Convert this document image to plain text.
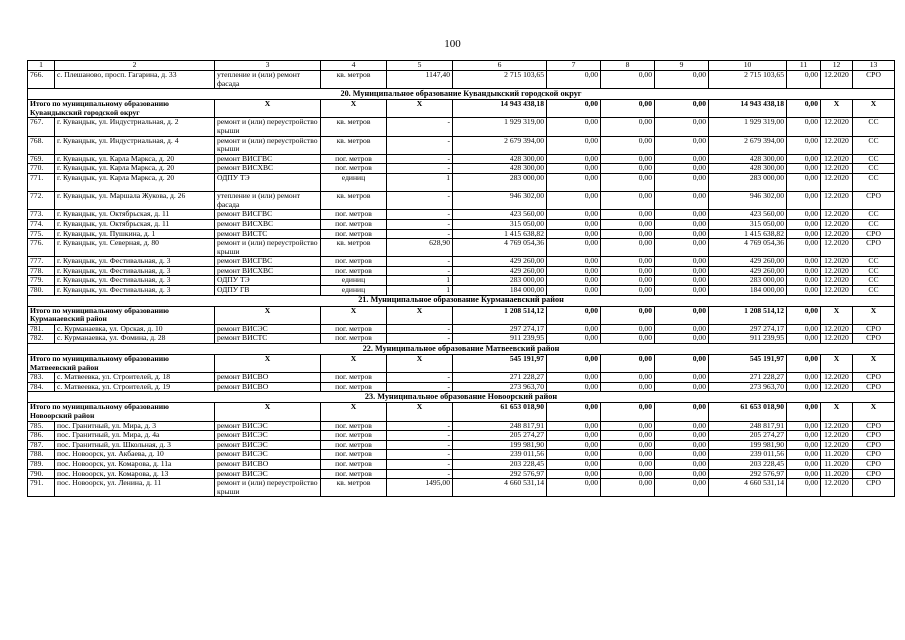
100
1	2	3	4	5	6	7	8	9	10	11	12	13
766.	с. Плешаново, просп. Гагарина, д. 33	утепление и (или) ремонт фасада	кв. метров	1147,40	2 715 103,65	0,00	0,00	0,00	2 715 103,65	0,00	12.2020	СРО
20. Муниципальное образование Кувандыкский городской округ												
Итого по муниципальному образованию Кувандыкский городской округ		X	X	X	14 943 438,18	0,00	0,00	0,00	14 943 438,18	0,00	X	X
767.	г. Кувандык, ул. Индустриальная, д. 2	ремонт и (или) переустройство крыши	кв. метров	-	1 929 319,00	0,00	0,00	0,00	1 929 319,00	0,00	12.2020	СС
768.	г. Кувандык, ул. Индустриальная, д. 4	ремонт и (или) переустройство крыши	кв. метров	-	2 679 394,00	0,00	0,00	0,00	2 679 394,00	0,00	12.2020	СС
769.	г. Кувандык, ул. Карла Маркса, д. 20	ремонт ВИСГВС	пог. метров	-	428 300,00	0,00	0,00	0,00	428 300,00	0,00	12.2020	СС
770.	г. Кувандык, ул. Карла Маркса, д. 20	ремонт ВИСХВС	пог. метров	-	428 300,00	0,00	0,00	0,00	428 300,00	0,00	12.2020	СС
771.	г. Кувандык, ул. Карла Маркса, д. 20	ОДПУ ТЭ	единиц	1	283 000,00	0,00	0,00	0,00	283 000,00	0,00	12.2020	СС
772.	г. Кувандык, ул. Маршала Жукова, д. 26	утепление и (или) ремонт фасада	кв. метров	-	946 302,00	0,00	0,00	0,00	946 302,00	0,00	12.2020	СРО
773.	г. Кувандык, ул. Октябрьская, д. 11	ремонт ВИСГВС	пог. метров	-	423 560,00	0,00	0,00	0,00	423 560,00	0,00	12.2020	СС
774.	г. Кувандык, ул. Октябрьская, д. 11	ремонт ВИСХВС	пог. метров	-	315 050,00	0,00	0,00	0,00	315 050,00	0,00	12.2020	СС
775.	г. Кувандык, ул. Пушкина, д. 1	ремонт ВИСТС	пог. метров	-	1 415 638,82	0,00	0,00	0,00	1 415 638,82	0,00	12.2020	СРО
776.	г. Кувандык, ул. Северная, д. 80	ремонт и (или) переустройство крыши	кв. метров	628,90	4 769 054,36	0,00	0,00	0,00	4 769 054,36	0,00	12.2020	СРО
777.	г. Кувандык, ул. Фестивальная, д. 3	ремонт ВИСГВС	пог. метров	-	429 260,00	0,00	0,00	0,00	429 260,00	0,00	12.2020	СС
778.	г. Кувандык, ул. Фестивальная, д. 3	ремонт ВИСХВС	пог. метров	-	429 260,00	0,00	0,00	0,00	429 260,00	0,00	12.2020	СС
779.	г. Кувандык, ул. Фестивальная, д. 3	ОДПУ ТЭ	единиц	1	283 000,00	0,00	0,00	0,00	283 000,00	0,00	12.2020	СС
780.	г. Кувандык, ул. Фестивальная, д. 3	ОДПУ ГВ	единиц	1	184 000,00	0,00	0,00	0,00	184 000,00	0,00	12.2020	СС
21. Муниципальное образование Курманаевский район												
Итого по муниципальному образованию Курманаевский район		X	X	X	1 208 514,12	0,00	0,00	0,00	1 208 514,12	0,00	X	X
781.	с. Курманаевка, ул. Орская, д. 10	ремонт ВИСЭС	пог. метров	-	297 274,17	0,00	0,00	0,00	297 274,17	0,00	12.2020	СРО
782.	с. Курманаевка, ул. Фомина, д. 28	ремонт ВИСТС	пог. метров	-	911 239,95	0,00	0,00	0,00	911 239,95	0,00	12.2020	СРО
22. Муниципальное образование Матвеевский район												
Итого по муниципальному образованию Матвеевский район		X	X	X	545 191,97	0,00	0,00	0,00	545 191,97	0,00	X	X
783.	с. Матвеевка, ул. Строителей, д. 18	ремонт ВИСВО	пог. метров	-	271 228,27	0,00	0,00	0,00	271 228,27	0,00	12.2020	СРО
784.	с. Матвеевка, ул. Строителей, д. 19	ремонт ВИСВО	пог. метров	-	273 963,70	0,00	0,00	0,00	273 963,70	0,00	12.2020	СРО
23. Муниципальное образование Новоорский район												
Итого по муниципальному образованию Новоорский район		X	X	X	61 653 018,90	0,00	0,00	0,00	61 653 018,90	0,00	X	X
785.	пос. Гранитный, ул. Мира, д. 3	ремонт ВИСЭС	пог. метров	-	248 817,91	0,00	0,00	0,00	248 817,91	0,00	12.2020	СРО
786.	пос. Гранитный, ул. Мира, д. 4а	ремонт ВИСЭС	пог. метров	-	205 274,27	0,00	0,00	0,00	205 274,27	0,00	12.2020	СРО
787.	пос. Гранитный, ул. Школьная, д. 3	ремонт ВИСЭС	пог. метров	-	199 981,90	0,00	0,00	0,00	199 981,90	0,00	12.2020	СРО
788.	пос. Новоорск, ул. Акбаева, д. 10	ремонт ВИСЭС	пог. метров	-	239 011,56	0,00	0,00	0,00	239 011,56	0,00	11.2020	СРО
789.	пос. Новоорск, ул. Комарова, д. 11а	ремонт ВИСВО	пог. метров	-	203 228,45	0,00	0,00	0,00	203 228,45	0,00	11.2020	СРО
790.	пос. Новоорск, ул. Комарова, д. 13	ремонт ВИСЭС	пог. метров	-	292 576,97	0,00	0,00	0,00	292 576,97	0,00	11.2020	СРО
791.	пос. Новоорск, ул. Ленина, д. 11	ремонт и (или) переустройство крыши	кв. метров	1495,00	4 660 531,14	0,00	0,00	0,00	4 660 531,14	0,00	12.2020	СРО
